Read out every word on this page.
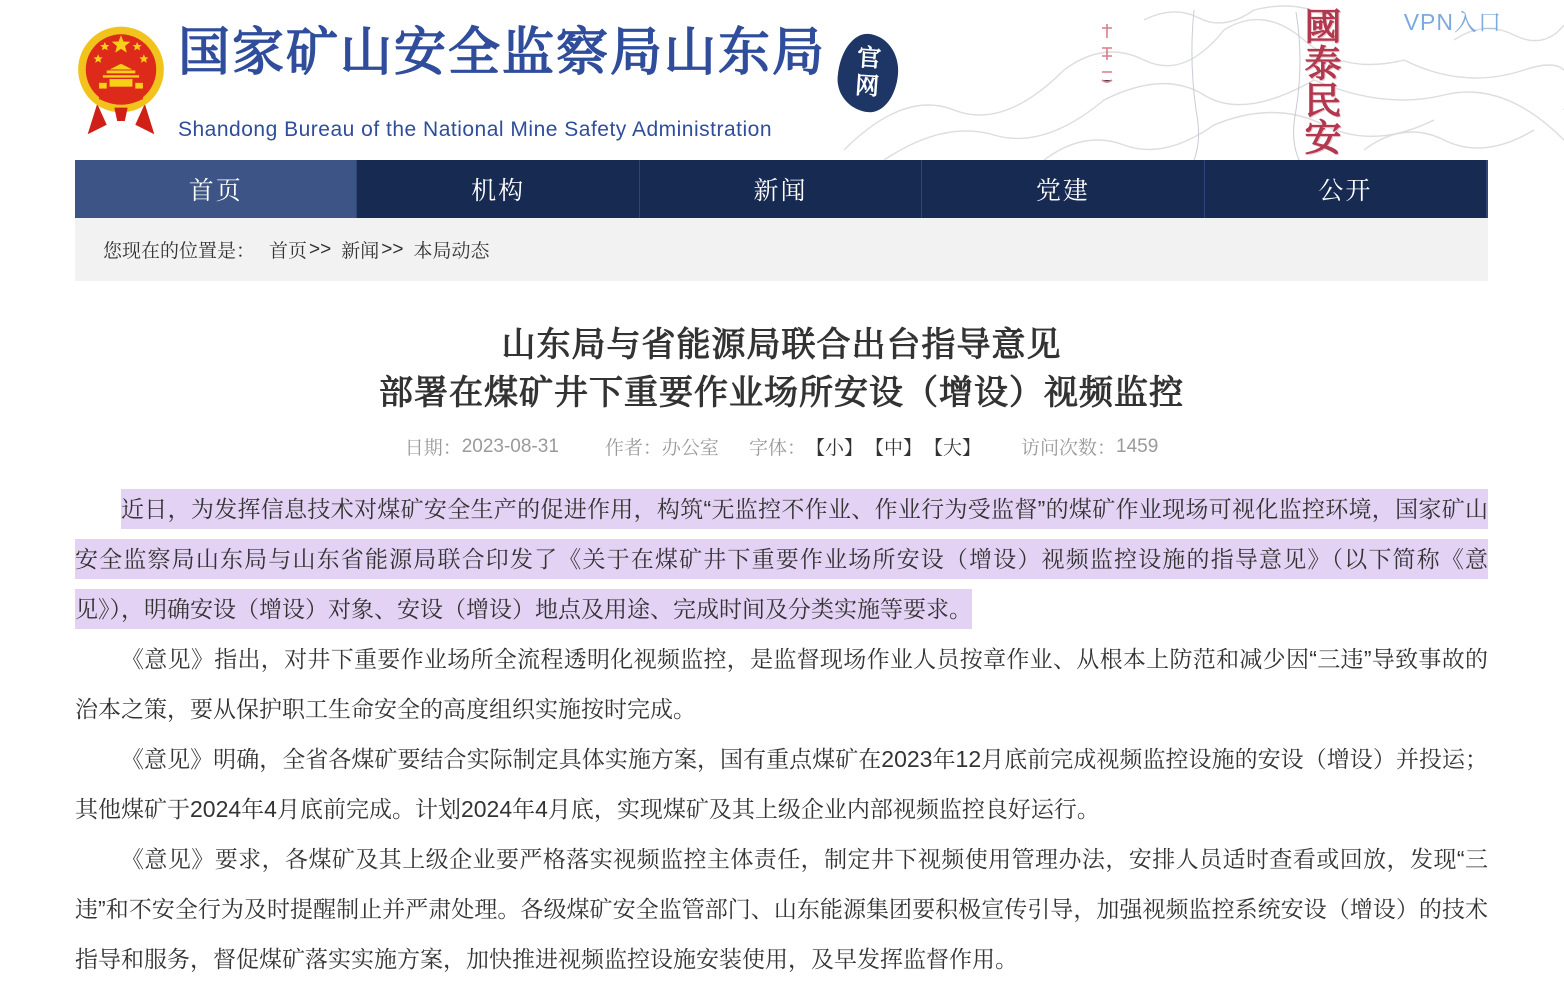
國泰民安	VPN入口
国家矿山安全监察局山东局 官
网
Shandong Bureau of the National Mine Safety Administration
首页	机构	新闻	党建	公开
您现在的位置是： 首页 >> 新闻 >> 本局动态
山东局与省能源局联合出台指导意见
部署在煤矿井下重要作业场所安设（增设）视频监控
日期： 2023-08-31 作者： 办公室 字体： 【小】 【中】 【大】 访问次数： 1459

近日，为发挥信息技术对煤矿安全生产的促进作用，构筑“无监控不作业、作业行为受监督”的煤矿作业现场可视化监控环境，国家矿山安全监察局山东局与山东省能源局联合印发了《关于在煤矿井下重要作业场所安设（增设）视频监控设施的指导意见》（以下简称《意见》），明确安设（增设）对象、安设（增设）地点及用途、完成时间及分类实施等要求。

《意见》指出，对井下重要作业场所全流程透明化视频监控，是监督现场作业人员按章作业、从根本上防范和减少因“三违”导致事故的治本之策，要从保护职工生命安全的高度组织实施按时完成。

《意见》明确，全省各煤矿要结合实际制定具体实施方案，国有重点煤矿在2023年12月底前完成视频监控设施的安设（增设）并投运；其他煤矿于2024年4月底前完成。计划2024年4月底，实现煤矿及其上级企业内部视频监控良好运行。

《意见》要求，各煤矿及其上级企业要严格落实视频监控主体责任，制定井下视频使用管理办法，安排人员适时查看或回放，发现“三违”和不安全行为及时提醒制止并严肃处理。各级煤矿安全监管部门、山东能源集团要积极宣传引导，加强视频监控系统安设（增设）的技术指导和服务，督促煤矿落实实施方案，加快推进视频监控设施安装使用，及早发挥监督作用。
